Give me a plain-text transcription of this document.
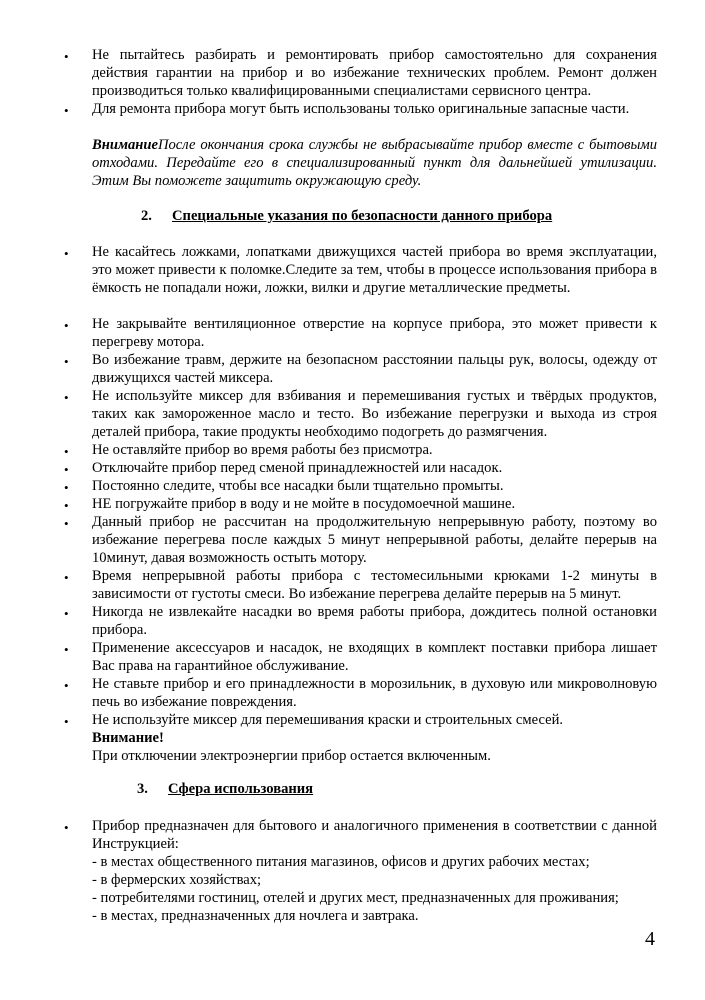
• Не пытайтесь разбирать и ремонтировать прибор самостоятельно для сохранения действия гарантии на прибор и во избежание технических проблем. Ремонт должен производиться только квалифицированными специалистами сервисного центра.
• Для ремонта прибора могут быть использованы только оригинальные запасные части.
ВниманиеПосле окончания срока службы не выбрасывайте прибор вместе с бытовыми отходами. Передайте его в специализированный пункт для дальнейшей утилизации. Этим Вы поможете защитить окружающую среду.
2. Специальные указания по безопасности данного прибора
• Не касайтесь ложками, лопатками движущихся частей прибора во время эксплуатации, это может привести к поломке.Следите за тем, чтобы в процессе использования прибора в ёмкость не попадали ножи, ложки, вилки и другие металлические предметы.
• Не закрывайте вентиляционное отверстие на корпусе прибора, это может привести к перегреву мотора.
• Во избежание травм, держите на безопасном расстоянии пальцы рук, волосы, одежду от движущихся частей миксера.
• Не используйте миксер для взбивания и перемешивания густых и твёрдых продуктов, таких как замороженное масло и тесто. Во избежание перегрузки и выхода из строя деталей прибора, такие продукты необходимо подогреть до размягчения.
• Не оставляйте прибор во время работы без присмотра.
• Отключайте прибор перед сменой принадлежностей или насадок.
• Постоянно следите, чтобы все насадки были тщательно промыты.
• НЕ погружайте прибор в воду и не мойте в посудомоечной машине.
• Данный прибор не рассчитан на продолжительную непрерывную работу, поэтому во избежание перегрева после каждых 5 минут непрерывной работы, делайте перерыв на 10минут, давая возможность остыть мотору.
• Время непрерывной работы прибора с тестомесильными крюками 1-2 минуты в зависимости от густоты смеси. Во избежание перегрева делайте перерыв на 5 минут.
• Никогда не извлекайте насадки во время работы прибора, дождитесь полной остановки прибора.
• Применение аксессуаров и насадок, не входящих в комплект поставки прибора лишает Вас права на гарантийное обслуживание.
• Не ставьте прибор и его принадлежности в морозильник, в духовую или микроволновую печь во избежание повреждения.
• Не используйте миксер для перемешивания краски и строительных смесей.
Внимание!
При отключении электроэнергии прибор остается включенным.
3. Сфера использования
• Прибор предназначен для бытового и аналогичного применения в соответствии с данной Инструкцией:
- в местах общественного питания магазинов, офисов и других рабочих местах;
- в фермерских хозяйствах;
- потребителями гостиниц, отелей и других мест, предназначенных для проживания;
- в местах, предназначенных для ночлега и завтрака.
4
